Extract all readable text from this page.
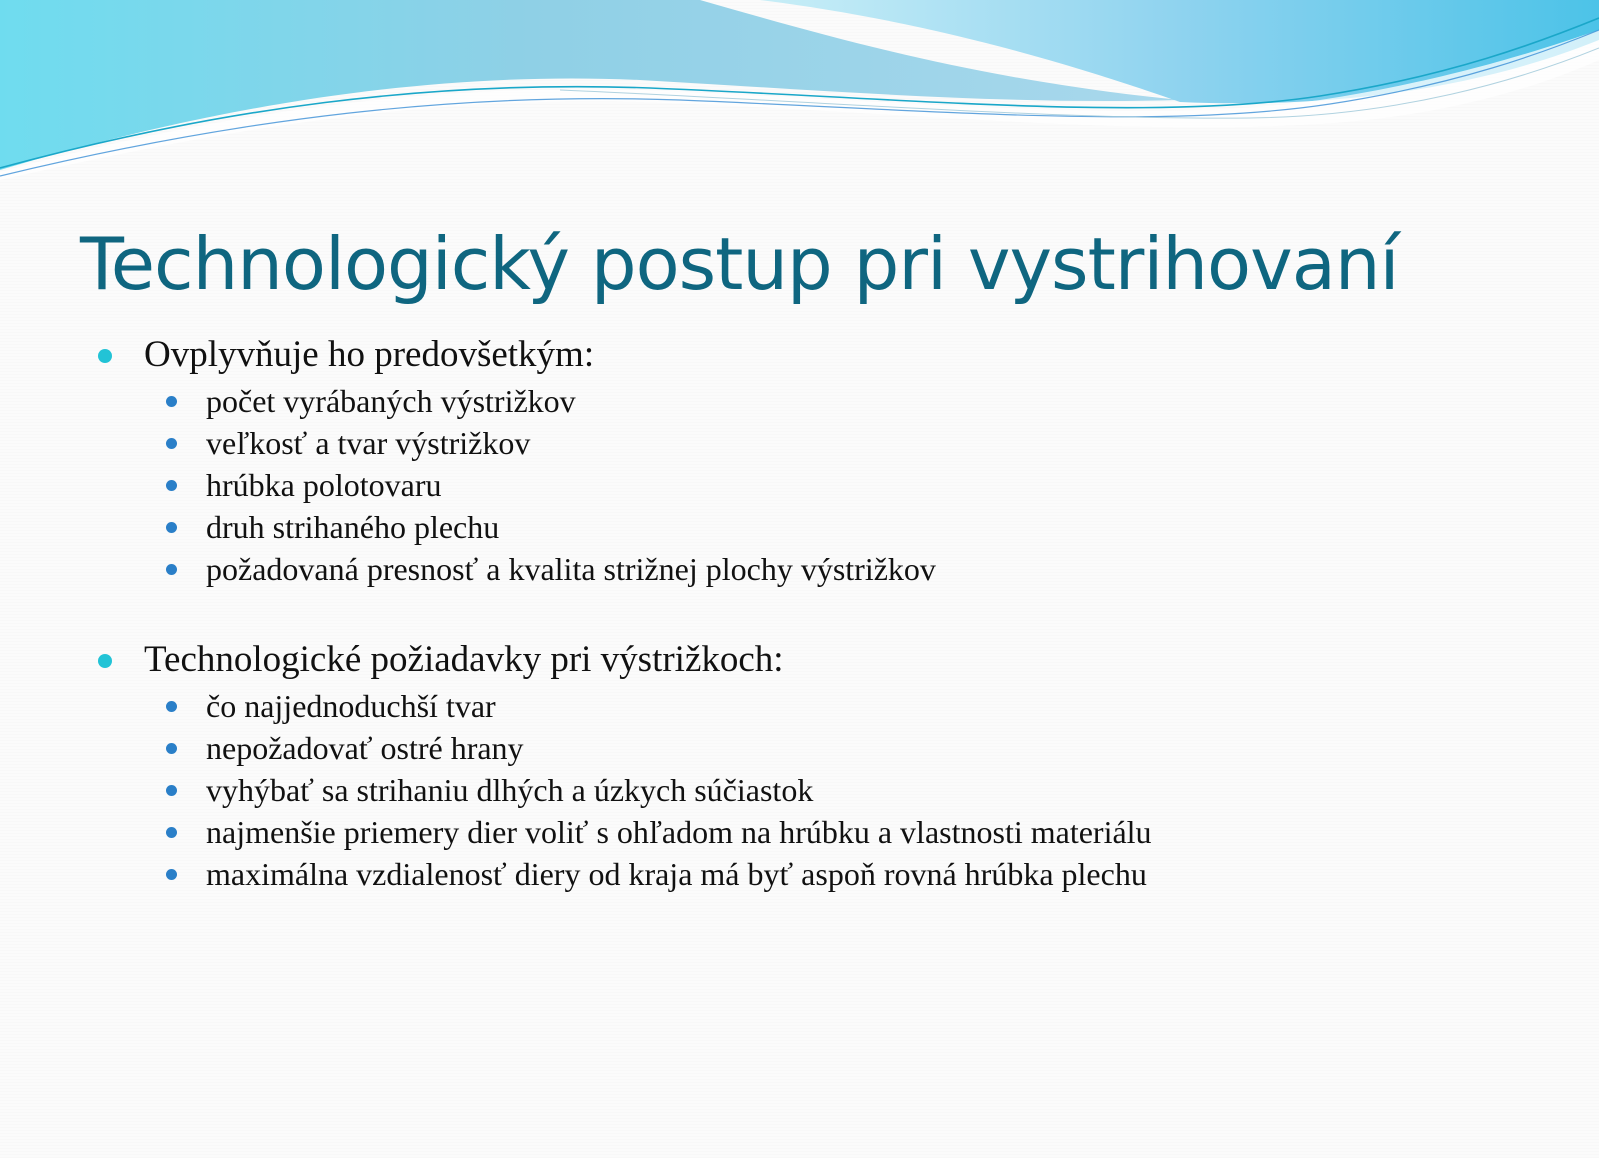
Technologický postup pri vystrihovaní
Ovplyvňuje ho predovšetkým:
počet vyrábaných výstrižkov
veľkosť a tvar výstrižkov
hrúbka polotovaru
druh strihaného plechu
požadovaná presnosť a kvalita strižnej plochy výstrižkov
Technologické požiadavky pri výstrižkoch:
čo najjednoduchší tvar
nepožadovať ostré hrany
vyhýbať sa strihaniu dlhých a úzkych súčiastok
najmenšie priemery dier voliť s ohľadom na hrúbku a vlastnosti materiálu
maximálna vzdialenosť diery od kraja má byť aspoň rovná hrúbka plechu
